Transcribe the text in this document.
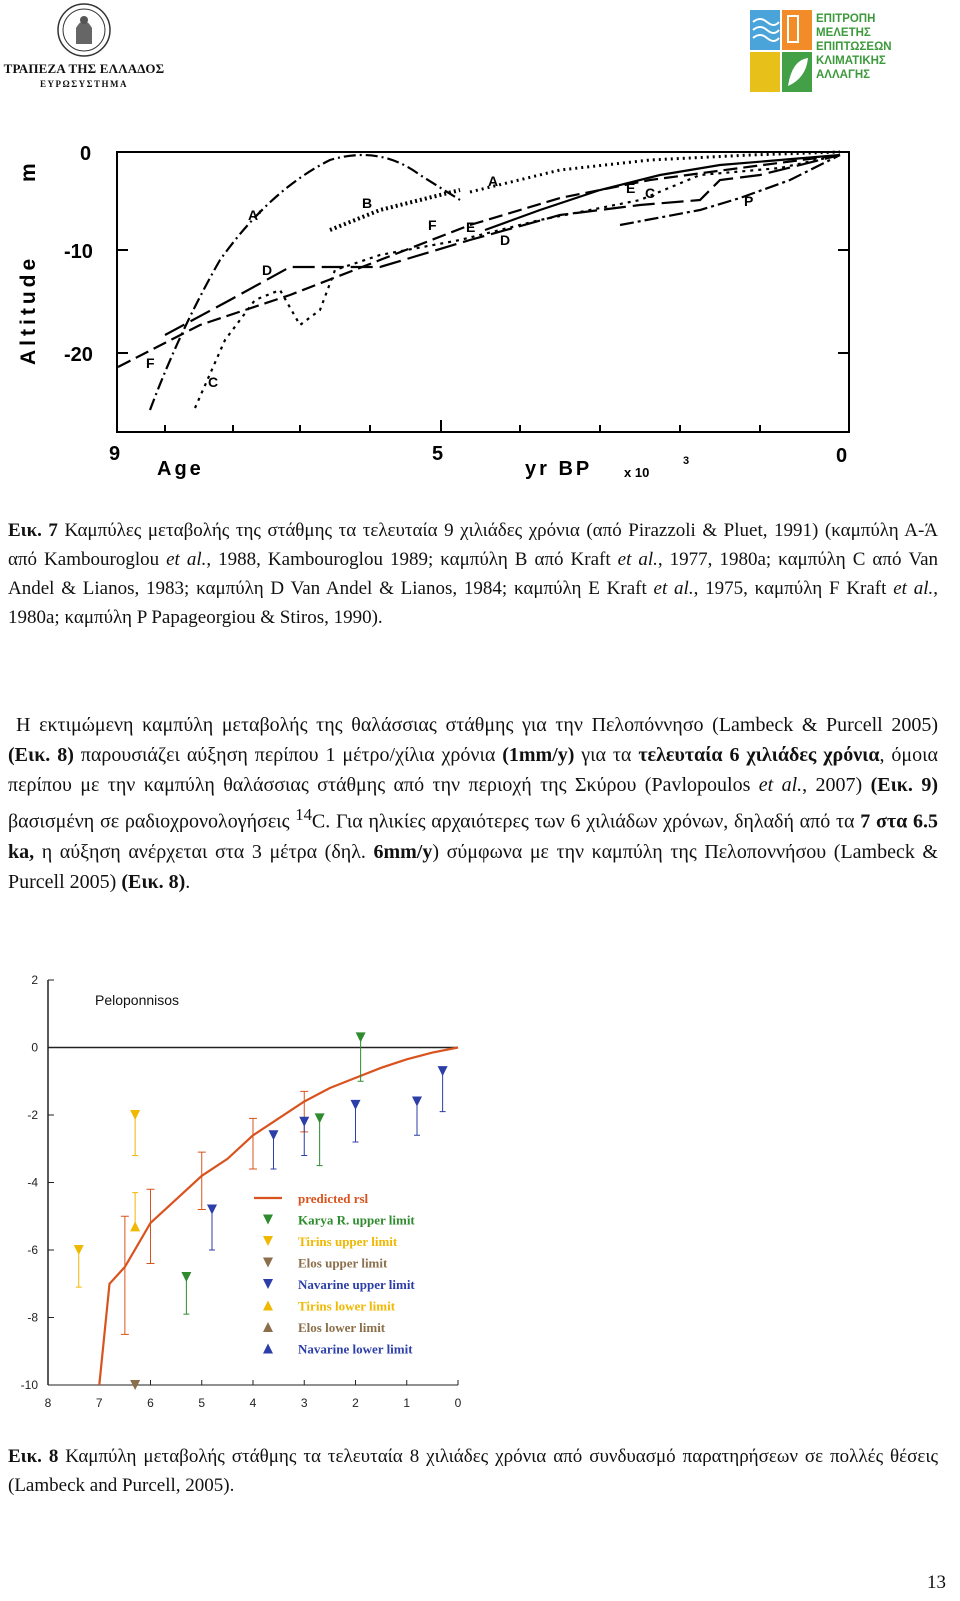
ΤΡΑΠΕΖΑ ΤΗΣ ΕΛΛΑΔΟΣ
ΕΥΡΩΣΥΣΤΗΜΑ
ΕΠΙΤΡΟΠΗ
ΜΕΛΕΤΗΣ
ΕΠΙΠΤΩΣΕΩΝ
ΚΛΙΜΑΤΙΚΗΣ
ΑΛΛΑΓΗΣ
Altitude
m
0
-10
-20
9	5	0
Age	yr BP x 10
3
A'
B
A
F E
D
E C
D
P
F
C
Εικ. 7 Καμπύλες μεταβολής της στάθμης τα τελευταία 9 χιλιάδες χρόνια (από Pirazzoli & Pluet, 1991) (καμπύλη Α-Ά από Kambouroglou et al., 1988, Kambouroglou 1989; καμπύλη Β από Kraft et al., 1977, 1980a; καμπύλη C από Van Andel & Lianos, 1983; καμπύλη D Van Andel & Lianos, 1984; καμπύλη E Kraft et al., 1975, καμπύλη F Kraft et al., 1980a; καμπύλη P Papageorgiou & Stiros, 1990).
Η εκτιμώμενη καμπύλη μεταβολής της θαλάσσιας στάθμης για την Πελοπόννησο (Lambeck & Purcell 2005) (Εικ. 8) παρουσιάζει αύξηση περίπου 1 μέτρο/χίλια χρόνια (1mm/y) για τα τελευταία 6 χιλιάδες χρόνια, όμοια περίπου με την καμπύλη θαλάσσιας στάθμης από την περιοχή της Σκύρου (Pavlopoulos et al., 2007) (Εικ. 9) βασισμένη σε ραδιοχρονολογήσεις $^{14}$C. Για ηλικίες αρχαιότερες των 6 χιλιάδων χρόνων, δηλαδή από τα 7 στα 6.5 ka, η αύξηση ανέρχεται στα 3 μέτρα (δηλ. 6mm/y) σύμφωνα με την καμπύλη της Πελοποννήσου (Lambeck & Purcell 2005) (Εικ. 8).
2
0
-2
-4
-6
-8
-10
8	7	6	5	4	3	2	1	0
predicted rsl
Karya R. upper limit
Tirins upper limit
Elos upper limit
Navarine upper limit
Tirins lower limit
Elos lower limit
Navarine lower limit
Peloponnisos
Εικ. 8 Καμπύλη μεταβολής στάθμης τα τελευταία 8 χιλιάδες χρόνια από συνδυασμό παρατηρήσεων σε πολλές θέσεις (Lambeck and Purcell, 2005).
13
